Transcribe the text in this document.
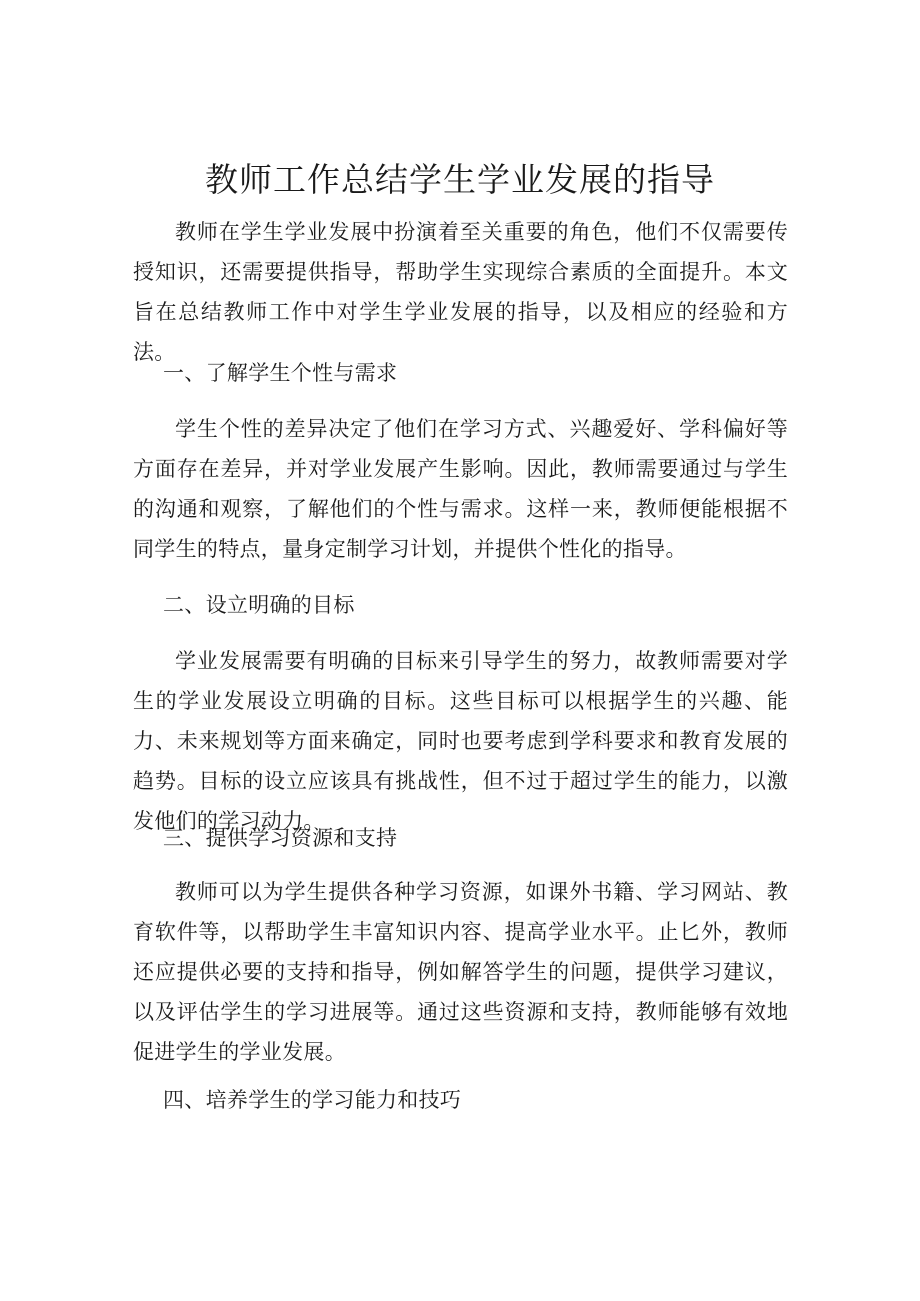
教师工作总结学生学业发展的指导

教师在学生学业发展中扮演着至关重要的角色，他们不仅需要传授知识，还需要提供指导，帮助学生实现综合素质的全面提升。本文旨在总结教师工作中对学生学业发展的指导，以及相应的经验和方法。

一、了解学生个性与需求

学生个性的差异决定了他们在学习方式、兴趣爱好、学科偏好等方面存在差异，并对学业发展产生影响。因此，教师需要通过与学生的沟通和观察，了解他们的个性与需求。这样一来，教师便能根据不同学生的特点，量身定制学习计划，并提供个性化的指导。

二、设立明确的目标

学业发展需要有明确的目标来引导学生的努力，故教师需要对学生的学业发展设立明确的目标。这些目标可以根据学生的兴趣、能力、未来规划等方面来确定，同时也要考虑到学科要求和教育发展的趋势。目标的设立应该具有挑战性，但不过于超过学生的能力，以激发他们的学习动力。

三、提供学习资源和支持

教师可以为学生提供各种学习资源，如课外书籍、学习网站、教育软件等，以帮助学生丰富知识内容、提高学业水平。止匕外，教师还应提供必要的支持和指导，例如解答学生的问题，提供学习建议，以及评估学生的学习进展等。通过这些资源和支持，教师能够有效地促进学生的学业发展。

四、培养学生的学习能力和技巧
